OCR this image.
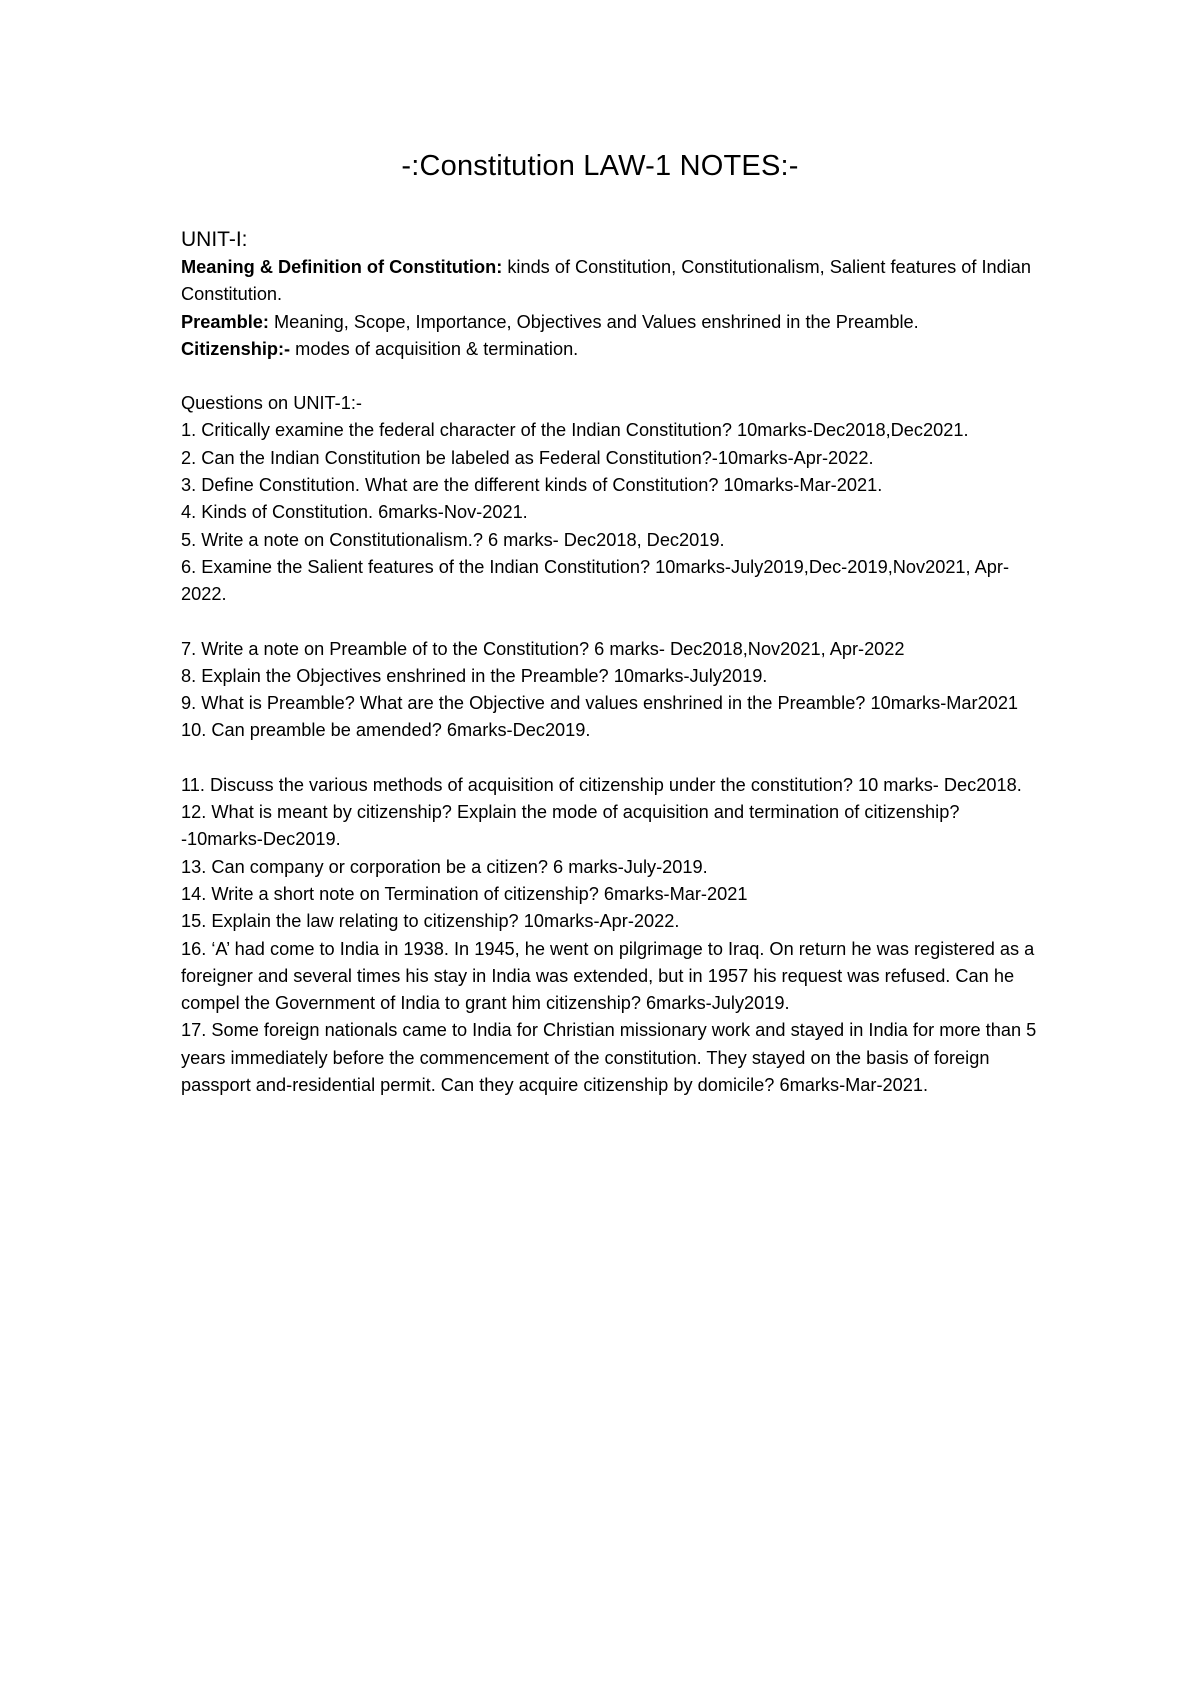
-:Constitution LAW-1 NOTES:-
UNIT-I:

Meaning & Definition of Constitution: kinds of Constitution, Constitutionalism, Salient features of Indian Constitution.

Preamble: Meaning, Scope, Importance, Objectives and Values enshrined in the Preamble.

Citizenship:- modes of acquisition & termination.

Questions on UNIT-1:-

1. Critically examine the federal character of the Indian Constitution? 10marks-Dec2018,Dec2021.

2. Can the Indian Constitution be labeled as Federal Constitution?-10marks-Apr-2022.

3. Define Constitution. What are the different kinds of Constitution? 10marks-Mar-2021.

4. Kinds of Constitution. 6marks-Nov-2021.

5. Write a note on Constitutionalism.? 6 marks- Dec2018, Dec2019.

6. Examine the Salient features of the Indian Constitution? 10marks-July2019,Dec-2019,Nov2021, Apr-2022.

7. Write a note on Preamble of to the Constitution? 6 marks- Dec2018,Nov2021, Apr-2022

8. Explain the Objectives enshrined in the Preamble? 10marks-July2019.

9. What is Preamble? What are the Objective and values enshrined in the Preamble? 10marks-Mar2021

10. Can preamble be amended? 6marks-Dec2019.

11. Discuss the various methods of acquisition of citizenship under the constitution? 10 marks- Dec2018.

12. What is meant by citizenship? Explain the mode of acquisition and termination of citizenship? -10marks-Dec2019.

13. Can company or corporation be a citizen? 6 marks-July-2019.

14. Write a short note on Termination of citizenship? 6marks-Mar-2021

15. Explain the law relating to citizenship? 10marks-Apr-2022.

16. ‘A’ had come to India in 1938. In 1945, he went on pilgrimage to Iraq. On return he was registered as a foreigner and several times his stay in India was extended, but in 1957 his request was refused. Can he compel the Government of India to grant him citizenship? 6marks-July2019.

17. Some foreign nationals came to India for Christian missionary work and stayed in India for more than 5 years immediately before the commencement of the constitution. They stayed on the basis of foreign passport and-residential permit. Can they acquire citizenship by domicile? 6marks-Mar-2021.
